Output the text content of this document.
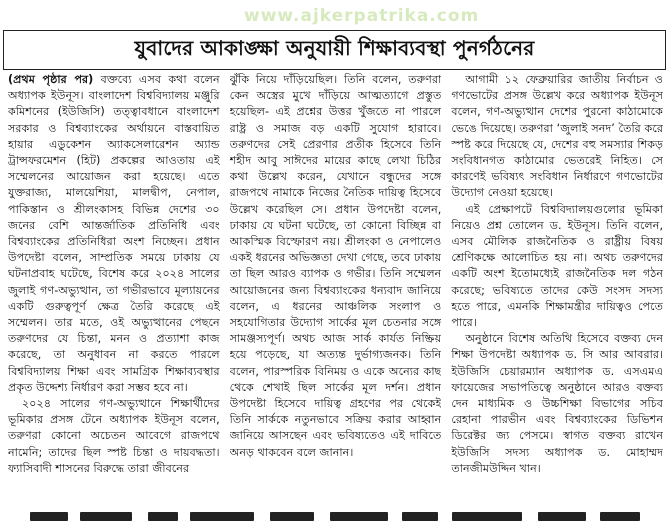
www.ajkerpatrika.com
যুবাদের আকাঙ্ক্ষা অনুযায়ী শিক্ষাব্যবস্থা পুনর্গঠনের

(প্রথম পৃষ্ঠার পর) বক্তব্যে এসব কথা বলেন অধ্যাপক ইউনূস। বাংলাদেশ বিশ্ববিদ্যালয় মঞ্জুরি কমিশনের (ইউজিসি) তত্ত্বাবধানে বাংলাদেশ সরকার ও বিশ্বব্যাংকের অর্থায়নে বাস্তবায়িত হায়ার এডুকেশন অ্যাকসেলারেশন অ্যান্ড ট্রান্সফরমেশন (হিট) প্রকল্পের আওতায় এই সম্মেলনের আয়োজন করা হয়েছে। এতে যুক্তরাজ্য, মালয়েশিয়া, মালদ্বীপ, নেপাল, পাকিস্তান ও শ্রীলংকাসহ বিভিন্ন দেশের ৩০ জনের বেশি আন্তর্জাতিক প্রতিনিধি এবং বিশ্বব্যাংকের প্রতিনিধিরা অংশ নিচ্ছেন। প্রধান উপদেষ্টা বলেন, সাম্প্রতিক সময়ে ঢাকায় যে ঘটনাপ্রবাহ ঘটেছে, বিশেষ করে ২০২৪ সালের জুলাই গণ-অভ্যুত্থান, তা গভীরভাবে মূল্যায়নের একটি গুরুত্বপূর্ণ ক্ষেত্র তৈরি করেছে এই সম্মেলন। তার মতে, ওই অভ্যুত্থানের পেছনে তরুণদের যে চিন্তা, মনন ও প্রত্যাশা কাজ করেছে, তা অনুধাবন না করতে পারলে বিশ্ববিদ্যালয় শিক্ষা এবং সামগ্রিক শিক্ষাব্যবস্থার প্রকৃত উদ্দেশ্য নির্ধারণ করা সম্ভব হবে না।

২০২৪ সালের গণ-অভ্যুত্থানে শিক্ষার্থীদের ভূমিকার প্রসঙ্গ টেনে অধ্যাপক ইউনূস বলেন, তরুণরা কোনো অচেতন আবেগে রাজপথে নামেনি; তাদের ছিল স্পষ্ট চিন্তা ও দায়বদ্ধতা। ফ্যাসিবাদী শাসনের বিরুদ্ধে তারা জীবনের

ঝুঁকি নিয়ে দাঁড়িয়েছিল। তিনি বলেন, তরুণরা কেন অস্ত্রের মুখে দাঁড়িয়ে আত্মত্যাগে প্রস্তুত হয়েছিল- এই প্রশ্নের উত্তর খুঁজতে না পারলে রাষ্ট্র ও সমাজ বড় একটি সুযোগ হারাবে। তরুণদের সেই প্রেরণার প্রতীক হিসেবে তিনি শহীদ আবু সাঈদের মায়ের কাছে লেখা চিঠির কথা উল্লেখ করেন, যেখানে বন্ধুদের সঙ্গে রাজপথে নামাকে নিজের নৈতিক দায়িত্ব হিসেবে উল্লেখ করেছিল সে। প্রধান উপদেষ্টা বলেন, ঢাকায় যে ঘটনা ঘটেছে, তা কোনো বিচ্ছিন্ন বা আকস্মিক বিস্ফোরণ নয়। শ্রীলংকা ও নেপালেও একই ধরনের অভিজ্ঞতা দেখা গেছে, তবে ঢাকায় তা ছিল আরও ব্যাপক ও গভীর। তিনি সম্মেলন আয়োজনের জন্য বিশ্বব্যাংকের ধন্যবাদ জানিয়ে বলেন, এ ধরনের আঞ্চলিক সংলাপ ও সহযোগিতার উদ্যোগ সার্কের মূল চেতনার সঙ্গে সামঞ্জস্যপূর্ণ। অথচ আজ সার্ক কার্যত নিষ্ক্রিয় হয়ে পড়েছে, যা অত্যন্ত দুর্ভাগ্যজনক। তিনি বলেন, পারস্পরিক বিনিময় ও একে অন্যের কাছ থেকে শেখাই ছিল সার্কের মূল দর্শন। প্রধান উপদেষ্টা হিসেবে দায়িত্ব গ্রহণের পর থেকেই তিনি সার্ককে নতুনভাবে সক্রিয় করার আহ্বান জানিয়ে আসছেন এবং ভবিষ্যতেও এই দাবিতে অনড় থাকবেন বলে জানান।

আগামী ১২ ফেব্রুয়ারির জাতীয় নির্বাচন ও গণভোটের প্রসঙ্গ উল্লেখ করে অধ্যাপক ইউনূস বলেন, গণ-অভ্যুত্থান দেশের পুরনো কাঠামোকে ভেঙে দিয়েছে। তরুণরা ‘জুলাই সনদ’ তৈরি করে স্পষ্ট করে দিয়েছে যে, দেশের বহু সমস্যার শিকড় সংবিধানগত কাঠামোর ভেতরেই নিহিত। সে কারণেই ভবিষ্যৎ সংবিধান নির্ধারণে গণভোটের উদ্যোগ নেওয়া হয়েছে।

এই প্রেক্ষাপটে বিশ্ববিদ্যালয়গুলোর ভূমিকা নিয়েও প্রশ্ন তোলেন ড. ইউনূস। তিনি বলেন, এসব মৌলিক রাজনৈতিক ও রাষ্ট্রীয় বিষয় শ্রেণিকক্ষে আলোচিত হয় না। অথচ তরুণদের একটি অংশ ইতোমধ্যেই রাজনৈতিক দল গঠন করেছে; ভবিষ্যতে তাদের কেউ সংসদ সদস্য হতে পারে, এমনকি শিক্ষামন্ত্রীর দায়িত্বও পেতে পারে।

অনুষ্ঠানে বিশেষ অতিথি হিসেবে বক্তব্য দেন শিক্ষা উপদেষ্টা অধ্যাপক ড. সি আর আবরার। ইউজিসি চেয়ারম্যান অধ্যাপক ড. এসএমএ ফায়েজের সভাপতিত্বে অনুষ্ঠানে আরও বক্তব্য দেন মাধ্যমিক ও উচ্চশিক্ষা বিভাগের সচিব রেহানা পারভীন এবং বিশ্বব্যাংকের ডিভিশন ডিরেক্টর জ্য পেসমে। স্বাগত বক্তব্য রাখেন ইউজিসি সদস্য অধ্যাপক ড. মোহাম্মদ তানজীমউদ্দিন খান।
